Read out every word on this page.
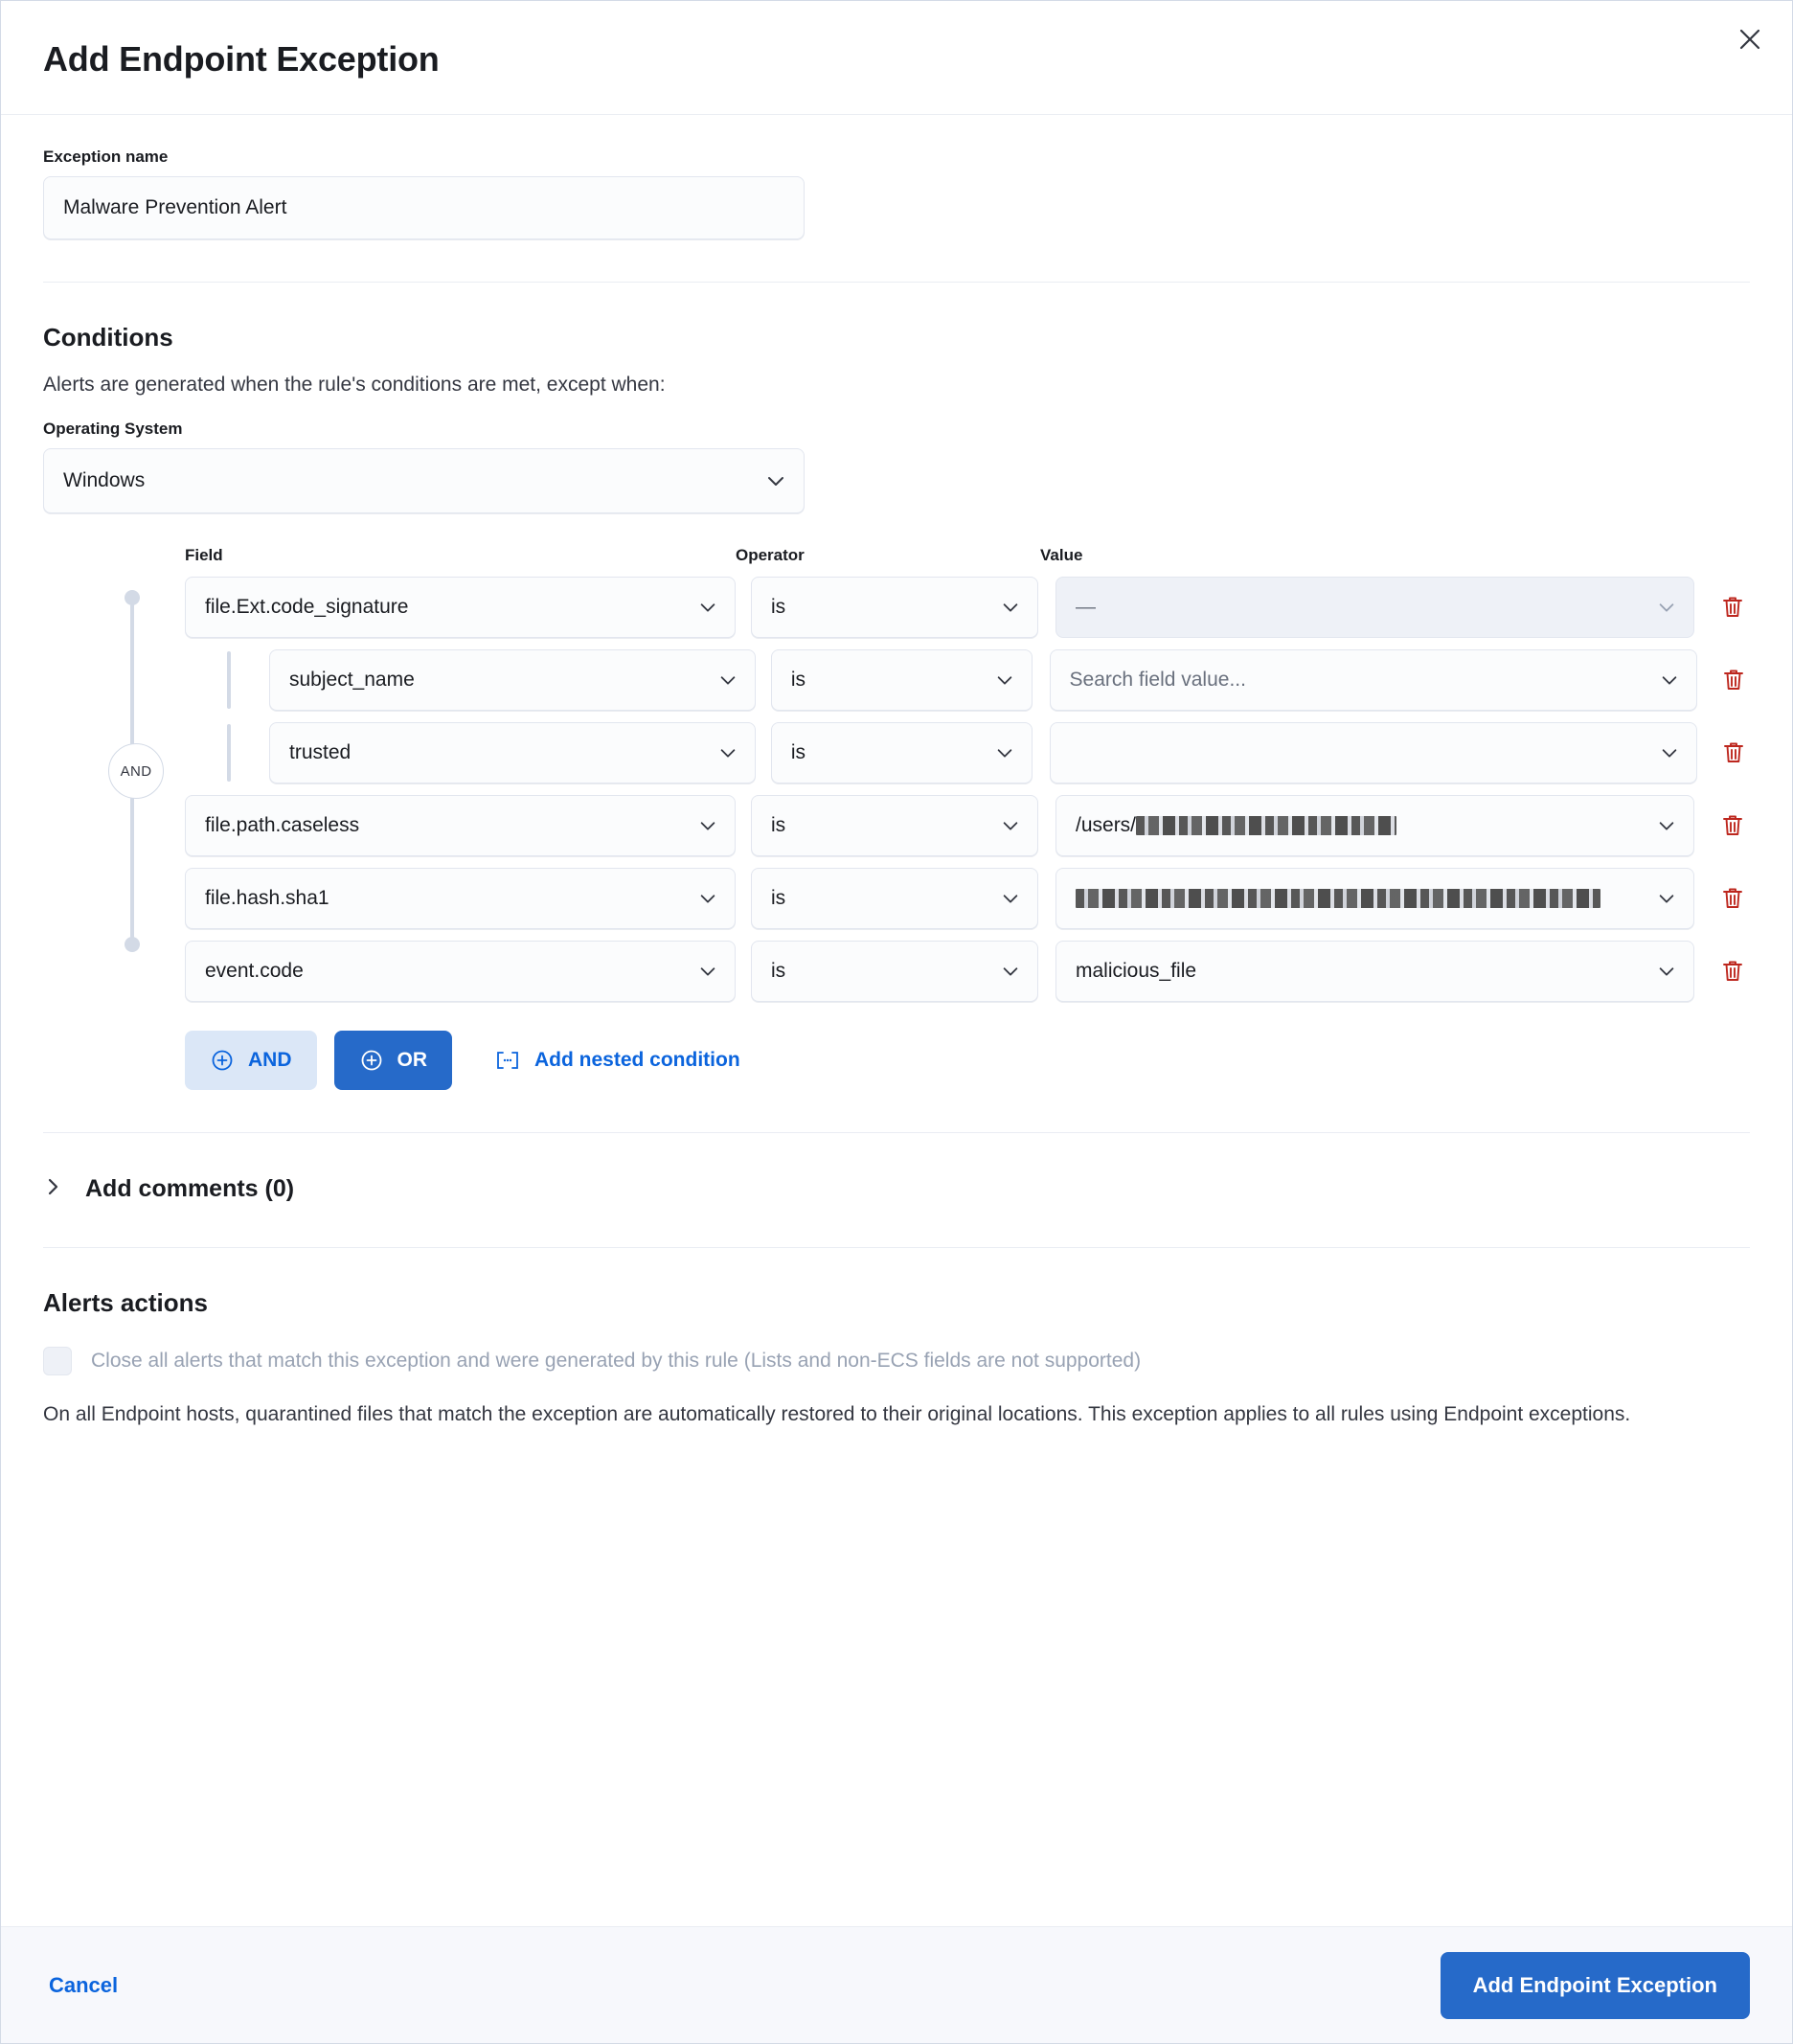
Add Endpoint Exception
Exception name
Malware Prevention Alert
Conditions
Alerts are generated when the rule's conditions are met, except when:
Operating System
Windows
AND
Field	Operator	Value
file.Ext.code_signature	is	—
subject_name	is	Search field value...
trusted	is
file.path.caseless	is	/users/
file.hash.sha1	is
event.code	is	malicious_file
AND	OR	Add nested condition
Add comments (0)
Alerts actions
Close all alerts that match this exception and were generated by this rule (Lists and non-ECS fields are not supported)
On all Endpoint hosts, quarantined files that match the exception are automatically restored to their original locations. This exception applies to all rules using Endpoint exceptions.
Cancel	Add Endpoint Exception
